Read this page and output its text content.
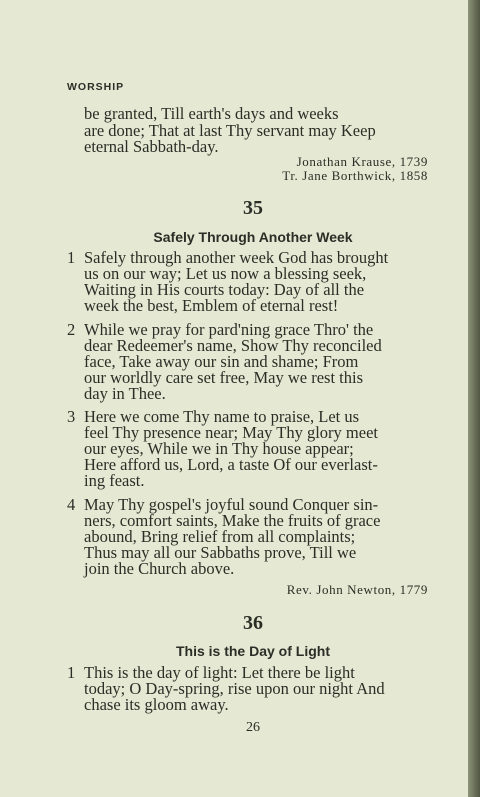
WORSHIP
be granted, Till earth's days and weeks
are done; That at last Thy servant may Keep
eternal Sabbath-day.
Jonathan Krause, 1739
Tr. Jane Borthwick, 1858
35
Safely Through Another Week
1 Safely through another week God has brought
us on our way; Let us now a blessing seek,
Waiting in His courts today: Day of all the
week the best, Emblem of eternal rest!
2 While we pray for pard'ning grace Thro' the
dear Redeemer's name, Show Thy reconciled
face, Take away our sin and shame; From
our worldly care set free, May we rest this
day in Thee.
3 Here we come Thy name to praise, Let us
feel Thy presence near; May Thy glory meet
our eyes, While we in Thy house appear;
Here afford us, Lord, a taste Of our everlast-
ing feast.
4 May Thy gospel's joyful sound Conquer sin-
ners, comfort saints, Make the fruits of grace
abound, Bring relief from all complaints;
Thus may all our Sabbaths prove, Till we
join the Church above.
Rev. John Newton, 1779
36
This is the Day of Light
1 This is the day of light: Let there be light
today; O Day-spring, rise upon our night And
chase its gloom away.
26
